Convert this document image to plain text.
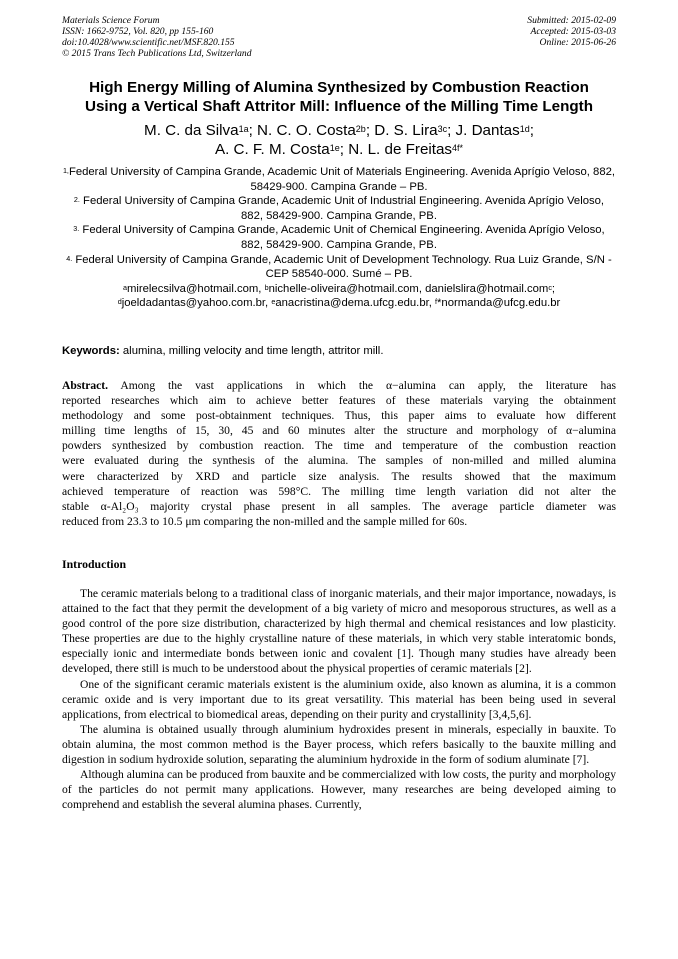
Materials Science Forum
ISSN: 1662-9752, Vol. 820, pp 155-160
doi:10.4028/www.scientific.net/MSF.820.155
© 2015 Trans Tech Publications Ltd, Switzerland
Submitted: 2015-02-09
Accepted: 2015-03-03
Online: 2015-06-26
High Energy Milling of Alumina Synthesized by Combustion Reaction
Using a Vertical Shaft Attritor Mill: Influence of the Milling Time Length
M. C. da Silva$^{1a}$; N. C. O. Costa$^{2b}$; D. S. Lira$^{3c}$; J. Dantas$^{1d}$;
A. C. F. M. Costa$^{1e}$; N. L. de Freitas$^{4f*}$

$^{1,}$Federal University of Campina Grande, Academic Unit of Materials Engineering. Avenida Aprígio Veloso, 882, 58429-900. Campina Grande – PB.

$^{2.}$ Federal University of Campina Grande, Academic Unit of Industrial Engineering. Avenida Aprígio Veloso, 882, 58429-900. Campina Grande, PB.

$^{3.}$ Federal University of Campina Grande, Academic Unit of Chemical Engineering. Avenida Aprígio Veloso, 882, 58429-900. Campina Grande, PB.

$^{4.}$ Federal University of Campina Grande, Academic Unit of Development Technology. Rua Luiz Grande, S/N - CEP 58540-000. Sumé – PB.

$^a$mirelecsilva@hotmail.com, $^b$nichelle-oliveira@hotmail.com, danielslira@hotmail.com$^c$;
$^d$joeldadantas@yahoo.com.br, $^e$anacristina@dema.ufcg.edu.br, $^f$*normanda@ufcg.edu.br
Keywords: alumina, milling velocity and time length, attritor mill.
Abstract. Among the vast applications in which the α−alumina can apply, the literature has
reported researches which aim to achieve better features of these materials varying the obtainment
methodology and some post-obtainment techniques. Thus, this paper aims to evaluate how different
milling time lengths of 15, 30, 45 and 60 minutes alter the structure and morphology of α−alumina
powders synthesized by combustion reaction. The time and temperature of the combustion reaction
were evaluated during the synthesis of the alumina. The samples of non-milled and milled alumina
were characterized by XRD and particle size analysis. The results showed that the maximum
achieved temperature of reaction was 598°C. The milling time length variation did not alter the
stable α-Al₂O₃ majority crystal phase present in all samples. The average particle diameter was
reduced from 23.3 to 10.5 μm comparing the non-milled and the sample milled for 60s.
Introduction

The ceramic materials belong to a traditional class of inorganic materials, and their major importance, nowadays, is attained to the fact that they permit the development of a big variety of micro and mesoporous structures, as well as a good control of the pore size distribution, characterized by high thermal and chemical resistances and low plasticity. These properties are due to the highly crystalline nature of these materials, in which very stable interatomic bonds, especially ionic and intermediate bonds between ionic and covalent [1]. Though many studies have already been developed, there still is much to be understood about the physical properties of ceramic materials [2].

One of the significant ceramic materials existent is the aluminium oxide, also known as alumina, it is a common ceramic oxide and is very important due to its great versatility. This material has been being used in several applications, from electrical to biomedical areas, depending on their purity and crystallinity [3,4,5,6].

The alumina is obtained usually through aluminium hydroxides present in minerals, especially in bauxite. To obtain alumina, the most common method is the Bayer process, which refers basically to the bauxite milling and digestion in sodium hydroxide solution, separating the aluminium hydroxide in the form of sodium aluminate [7].

Although alumina can be produced from bauxite and be commercialized with low costs, the purity and morphology of the particles do not permit many applications. However, many researches are being developed aiming to comprehend and establish the several alumina phases. Currently,
